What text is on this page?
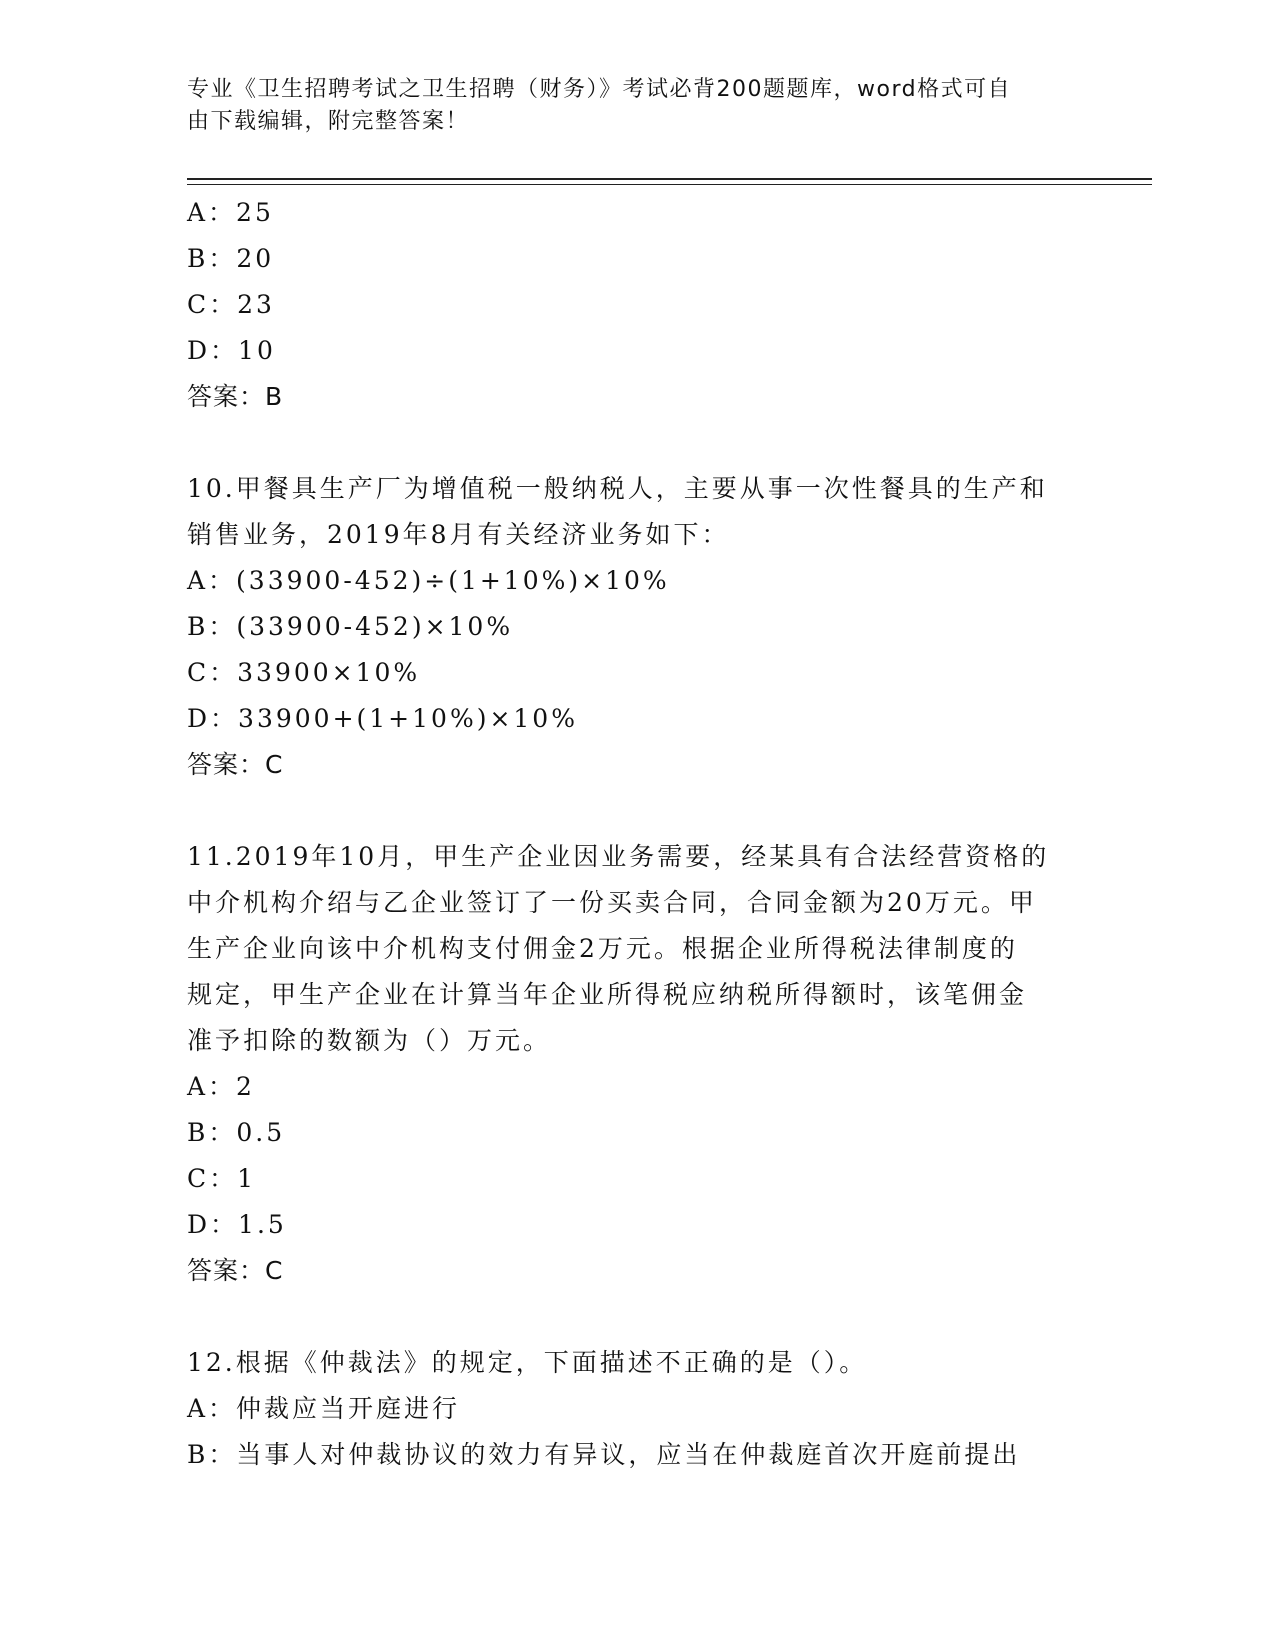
专业《卫生招聘考试之卫生招聘（财务）》考试必背200题题库，word格式可自
由下载编辑，附完整答案！
A：25
B：20
C：23
D：10
答案：B
10.甲餐具生产厂为增值税一般纳税人，主要从事一次性餐具的生产和
销售业务，2019年8月有关经济业务如下：
A：(33900-452)÷(1+10%)×10%
B：(33900-452)×10%
C：33900×10%
D：33900+(1+10%)×10%
答案：C
11.2019年10月，甲生产企业因业务需要，经某具有合法经营资格的
中介机构介绍与乙企业签订了一份买卖合同，合同金额为20万元。甲
生产企业向该中介机构支付佣金2万元。根据企业所得税法律制度的
规定，甲生产企业在计算当年企业所得税应纳税所得额时，该笔佣金
准予扣除的数额为（）万元。
A：2
B：0.5
C：1
D：1.5
答案：C
12.根据《仲裁法》的规定，下面描述不正确的是（）。
A：仲裁应当开庭进行
B：当事人对仲裁协议的效力有异议，应当在仲裁庭首次开庭前提出
